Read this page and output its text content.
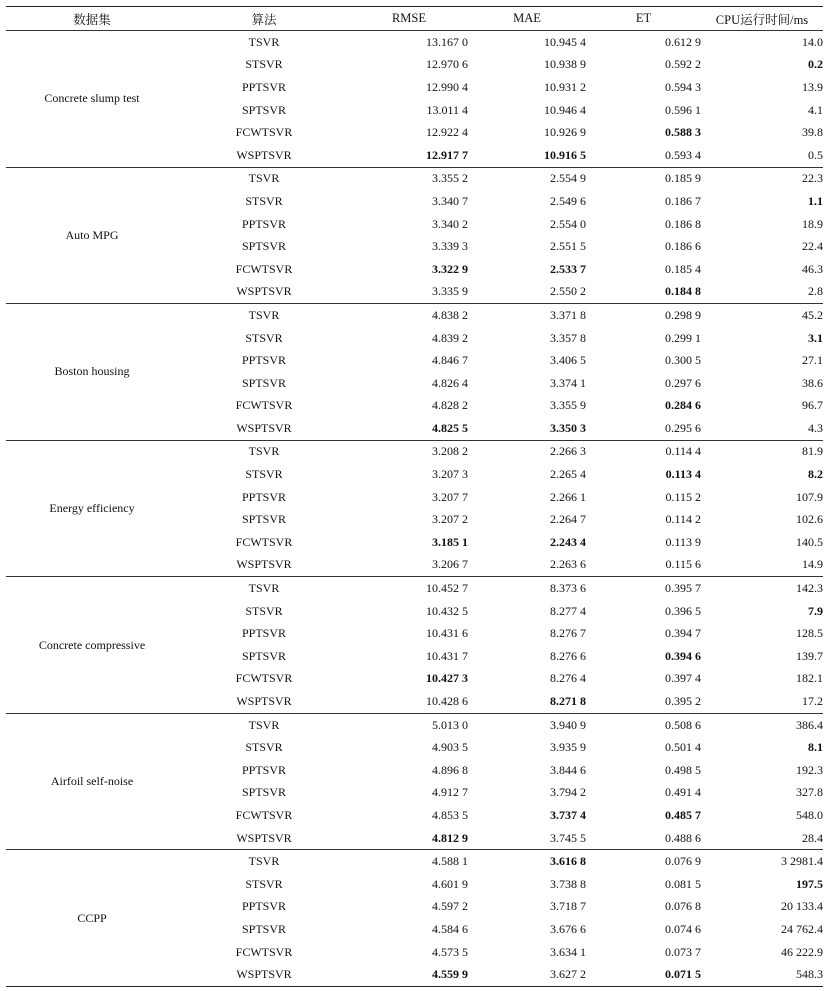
数据集	算法	RMSE	MAE	ET	CPU运行时间/ms
Concrete slump test	TSVR	13.167 0	10.945 4	0.612 9	14.0
	STSVR	12.970 6	10.938 9	0.592 2	0.2
	PPTSVR	12.990 4	10.931 2	0.594 3	13.9
	SPTSVR	13.011 4	10.946 4	0.596 1	4.1
	FCWTSVR	12.922 4	10.926 9	0.588 3	39.8
	WSPTSVR	12.917 7	10.916 5	0.593 4	0.5
Auto MPG	TSVR	3.355 2	2.554 9	0.185 9	22.3
	STSVR	3.340 7	2.549 6	0.186 7	1.1
	PPTSVR	3.340 2	2.554 0	0.186 8	18.9
	SPTSVR	3.339 3	2.551 5	0.186 6	22.4
	FCWTSVR	3.322 9	2.533 7	0.185 4	46.3
	WSPTSVR	3.335 9	2.550 2	0.184 8	2.8
Boston housing	TSVR	4.838 2	3.371 8	0.298 9	45.2
	STSVR	4.839 2	3.357 8	0.299 1	3.1
	PPTSVR	4.846 7	3.406 5	0.300 5	27.1
	SPTSVR	4.826 4	3.374 1	0.297 6	38.6
	FCWTSVR	4.828 2	3.355 9	0.284 6	96.7
	WSPTSVR	4.825 5	3.350 3	0.295 6	4.3
Energy efficiency	TSVR	3.208 2	2.266 3	0.114 4	81.9
	STSVR	3.207 3	2.265 4	0.113 4	8.2
	PPTSVR	3.207 7	2.266 1	0.115 2	107.9
	SPTSVR	3.207 2	2.264 7	0.114 2	102.6
	FCWTSVR	3.185 1	2.243 4	0.113 9	140.5
	WSPTSVR	3.206 7	2.263 6	0.115 6	14.9
Concrete compressive	TSVR	10.452 7	8.373 6	0.395 7	142.3
	STSVR	10.432 5	8.277 4	0.396 5	7.9
	PPTSVR	10.431 6	8.276 7	0.394 7	128.5
	SPTSVR	10.431 7	8.276 6	0.394 6	139.7
	FCWTSVR	10.427 3	8.276 4	0.397 4	182.1
	WSPTSVR	10.428 6	8.271 8	0.395 2	17.2
Airfoil self-noise	TSVR	5.013 0	3.940 9	0.508 6	386.4
	STSVR	4.903 5	3.935 9	0.501 4	8.1
	PPTSVR	4.896 8	3.844 6	0.498 5	192.3
	SPTSVR	4.912 7	3.794 2	0.491 4	327.8
	FCWTSVR	4.853 5	3.737 4	0.485 7	548.0
	WSPTSVR	4.812 9	3.745 5	0.488 6	28.4
CCPP	TSVR	4.588 1	3.616 8	0.076 9	3 2981.4
	STSVR	4.601 9	3.738 8	0.081 5	197.5
	PPTSVR	4.597 2	3.718 7	0.076 8	20 133.4
	SPTSVR	4.584 6	3.676 6	0.074 6	24 762.4
	FCWTSVR	4.573 5	3.634 1	0.073 7	46 222.9
	WSPTSVR	4.559 9	3.627 2	0.071 5	548.3
